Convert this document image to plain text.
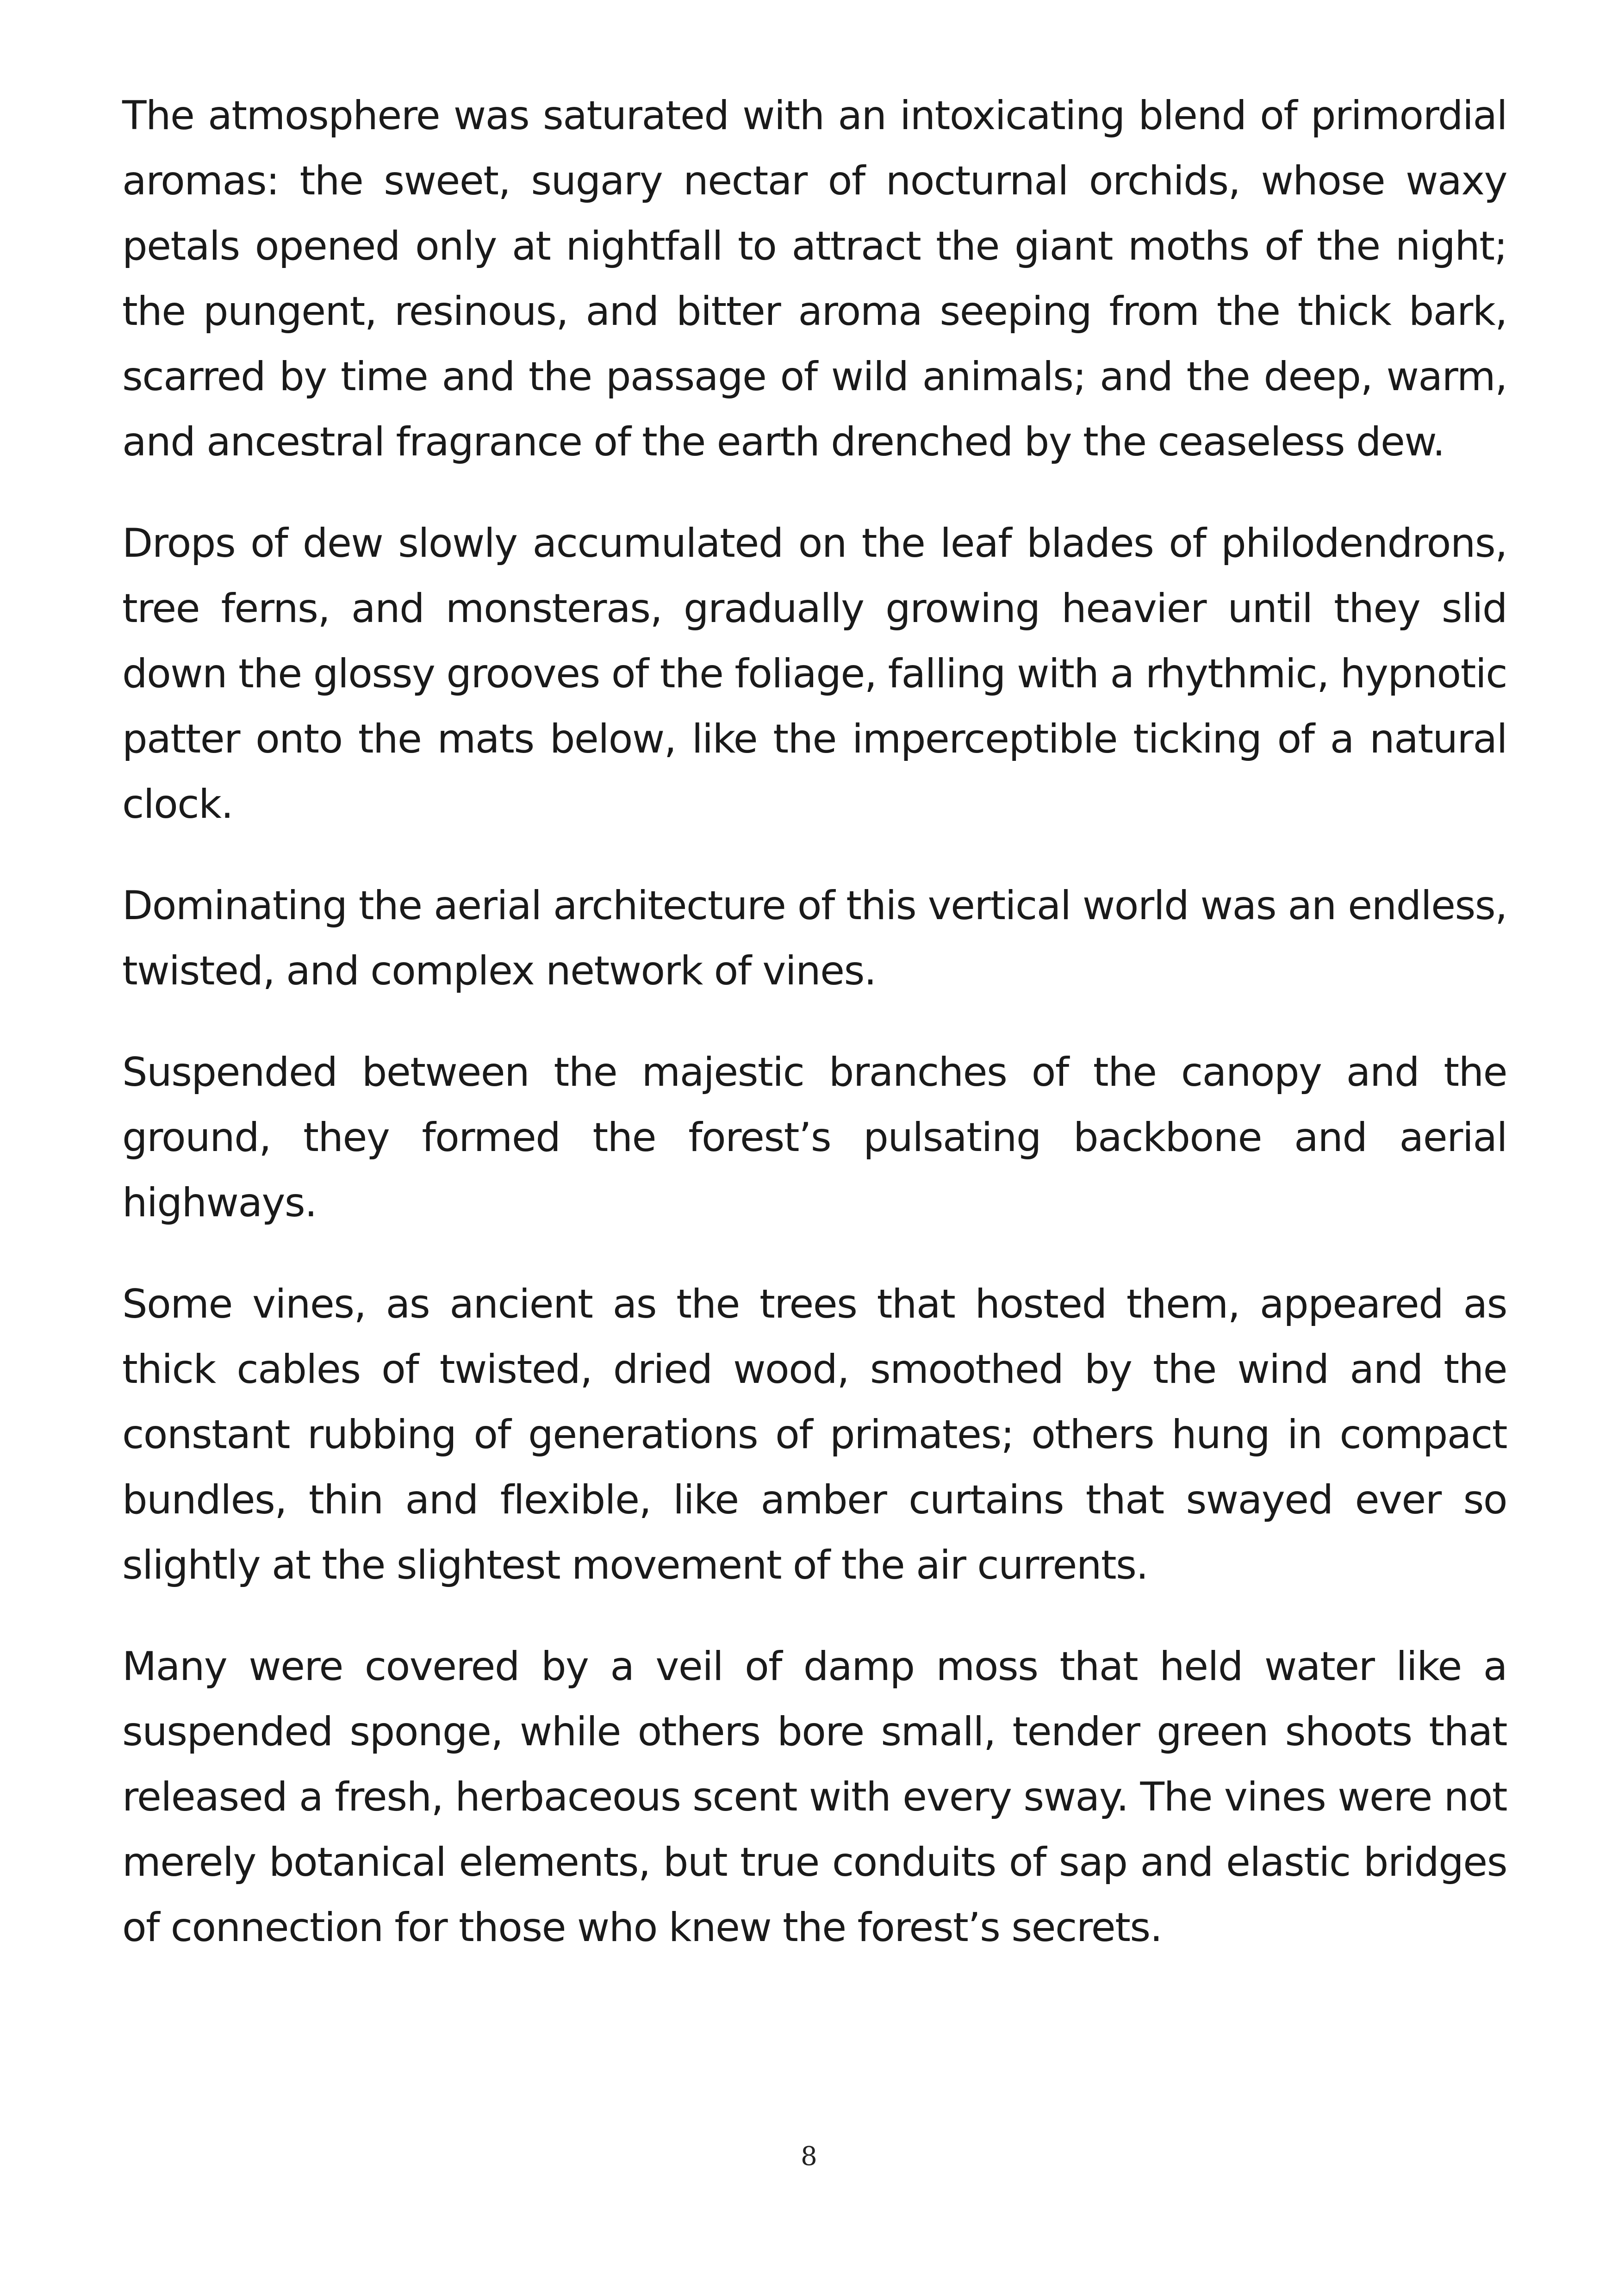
The atmosphere was saturated with an intoxicating blend of primordial aromas: the sweet, sugary nectar of nocturnal orchids, whose waxy petals opened only at nightfall to attract the giant moths of the night; the pungent, resinous, and bitter aroma seeping from the thick bark, scarred by time and the passage of wild animals; and the deep, warm, and ancestral fragrance of the earth drenched by the ceaseless dew.

Drops of dew slowly accumulated on the leaf blades of philodendrons, tree ferns, and monsteras, gradually growing heavier until they slid down the glossy grooves of the foliage, falling with a rhythmic, hypnotic patter onto the mats below, like the imperceptible ticking of a natural clock.

Dominating the aerial architecture of this vertical world was an endless, twisted, and complex network of vines.

Suspended between the majestic branches of the canopy and the ground, they formed the forest’s pulsating backbone and aerial highways.

Some vines, as ancient as the trees that hosted them, appeared as thick cables of twisted, dried wood, smoothed by the wind and the constant rubbing of generations of primates; others hung in compact bundles, thin and flexible, like amber curtains that swayed ever so slightly at the slightest movement of the air currents.

Many were covered by a veil of damp moss that held water like a suspended sponge, while others bore small, tender green shoots that released a fresh, herbaceous scent with every sway. The vines were not merely botanical elements, but true conduits of sap and elastic bridges of connection for those who knew the forest’s secrets.

8
